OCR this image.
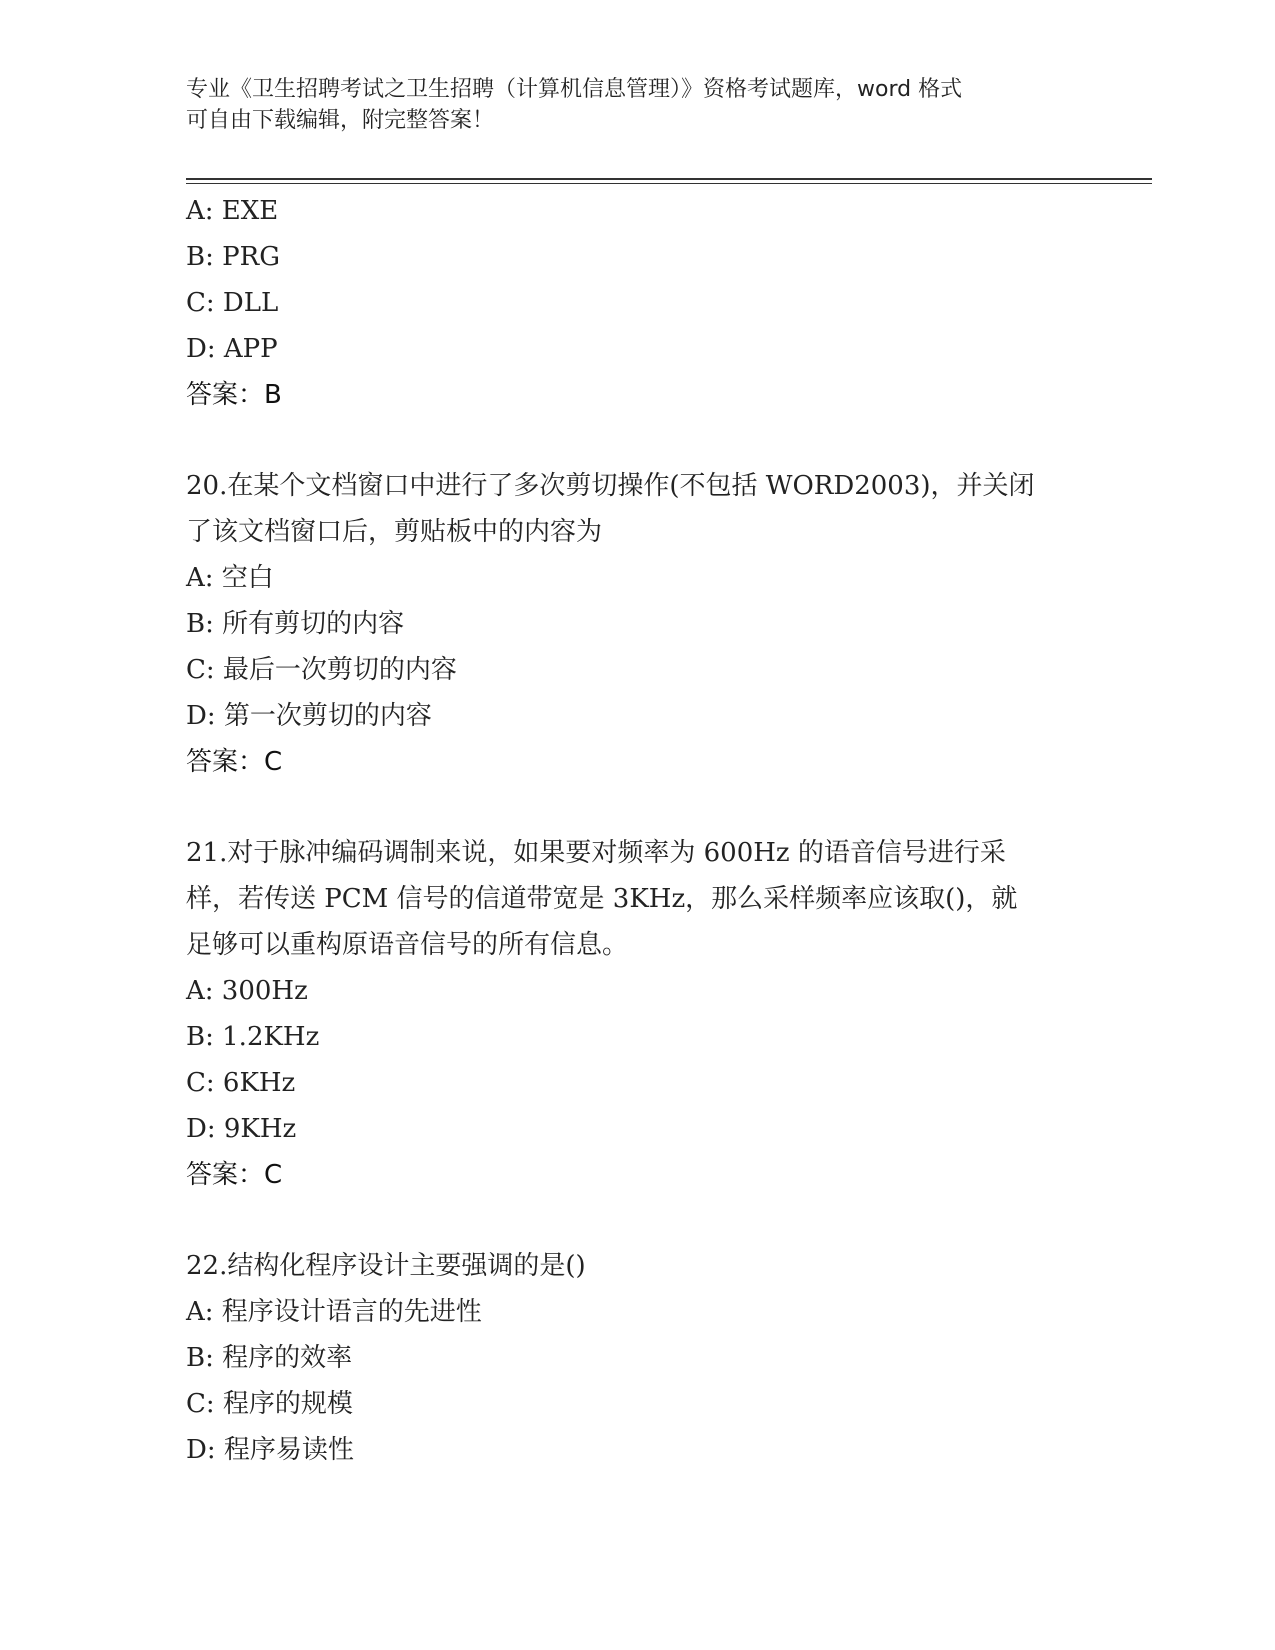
专业《卫生招聘考试之卫生招聘（计算机信息管理）》资格考试题库，word 格式
可自由下载编辑，附完整答案！
A: EXE
B: PRG
C: DLL
D: APP
答案：B
20.在某个文档窗口中进行了多次剪切操作(不包括 WORD2003)，并关闭
了该文档窗口后，剪贴板中的内容为
A: 空白
B: 所有剪切的内容
C: 最后一次剪切的内容
D: 第一次剪切的内容
答案：C
21.对于脉冲编码调制来说，如果要对频率为 600Hz 的语音信号进行采
样，若传送 PCM 信号的信道带宽是 3KHz，那么采样频率应该取()，就
足够可以重构原语音信号的所有信息。
A: 300Hz
B: 1.2KHz
C: 6KHz
D: 9KHz
答案：C
22.结构化程序设计主要强调的是()
A: 程序设计语言的先进性
B: 程序的效率
C: 程序的规模
D: 程序易读性
